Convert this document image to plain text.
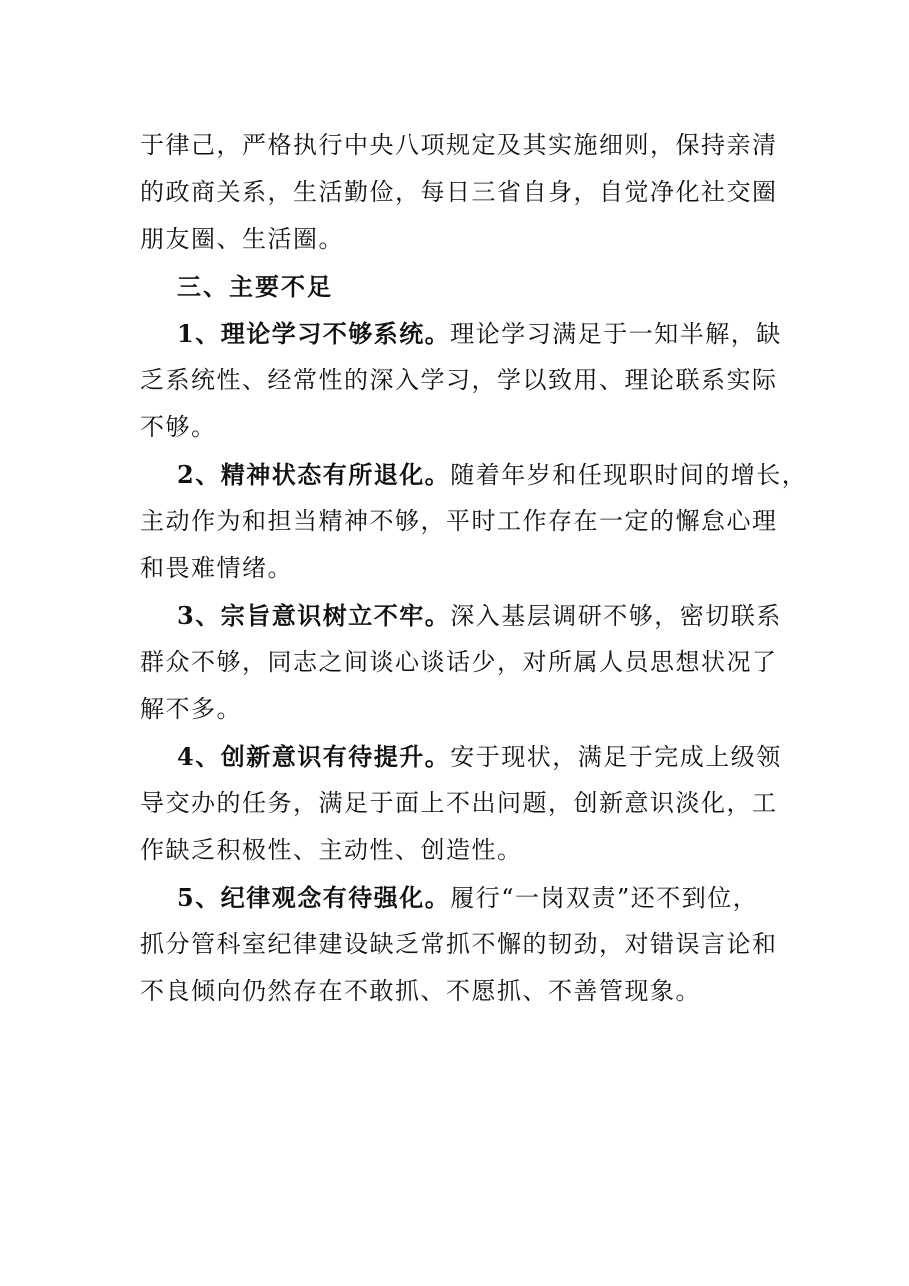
于律己，严格执行中央八项规定及其实施细则，保持亲清
的政商关系，生活勤俭，每日三省自身，自觉净化社交圈
朋友圈、生活圈。
三、主要不足
1、理论学习不够系统。理论学习满足于一知半解，缺
乏系统性、经常性的深入学习，学以致用、理论联系实际
不够。
2、精神状态有所退化。随着年岁和任现职时间的增长，
主动作为和担当精神不够，平时工作存在一定的懈怠心理
和畏难情绪。
3、宗旨意识树立不牢。深入基层调研不够，密切联系
群众不够，同志之间谈心谈话少，对所属人员思想状况了
解不多。
4、创新意识有待提升。安于现状，满足于完成上级领
导交办的任务，满足于面上不出问题，创新意识淡化，工
作缺乏积极性、主动性、创造性。
5、纪律观念有待强化。履行“一岗双责”还不到位，
抓分管科室纪律建设缺乏常抓不懈的韧劲，对错误言论和
不良倾向仍然存在不敢抓、不愿抓、不善管现象。
